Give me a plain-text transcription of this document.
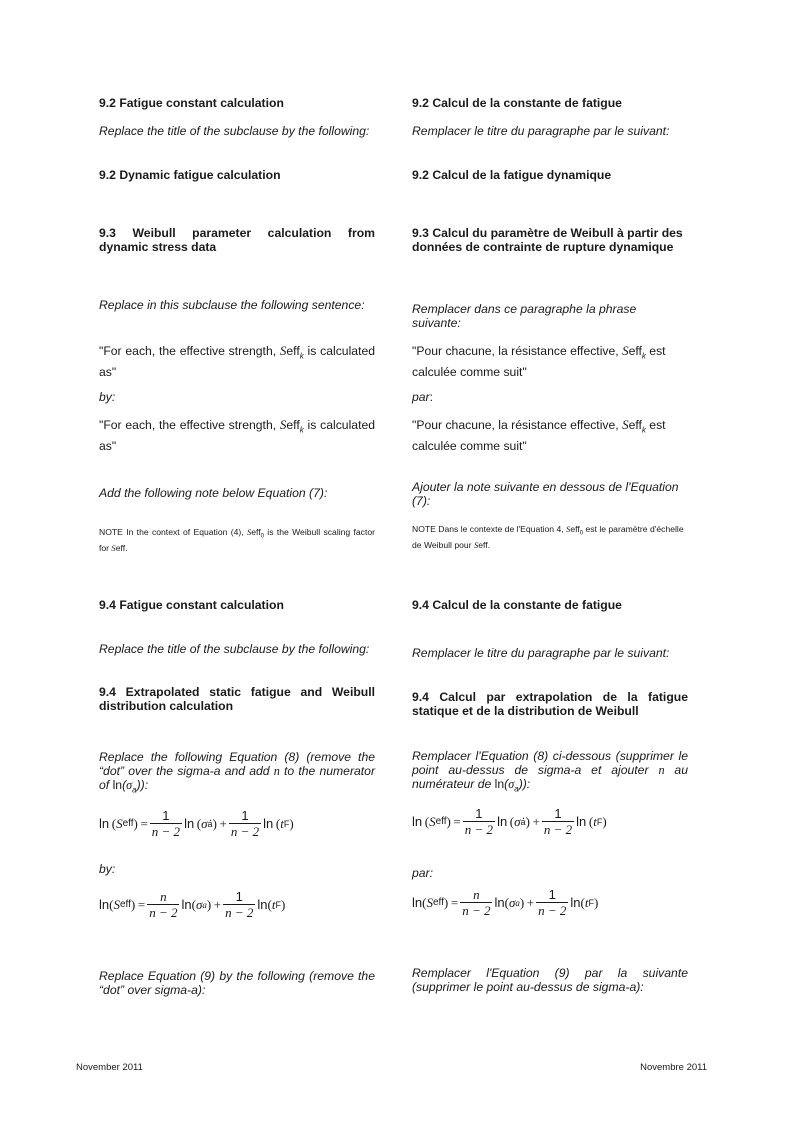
9.2 Fatigue constant calculation
Replace the title of the subclause by the following:
9.2 Dynamic fatigue calculation
9.3 Weibull parameter calculation from dynamic stress data
Replace in this subclause the following sentence:
"For each, the effective strength, Seff$_k$ is calculated as"
by:
"For each, the effective strength, Seff$_k$ is calculated as"
Add the following note below Equation (7):
NOTE In the context of Equation (4), Seff$_0$ is the Weibull scaling factor for Seff.
9.4 Fatigue constant calculation
Replace the title of the subclause by the following:
9.4 Extrapolated static fatigue and Weibull distribution calculation
Replace the following Equation (8) (remove the “dot” over the sigma-a and add n to the numerator of $\ln(\sigma_a)$):
ln  ( S eff )  = $\frac{1}{n - 2}$ ln  ( σ̇ a )  + $\frac{1}{n - 2}$ ln  ( t F )
by:
ln ( S eff )  = $\frac{n}{n - 2}$ ln ( σ a )  + $\frac{1}{n - 2}$ ln ( t F )
Replace Equation (9) by the following (remove the “dot” over sigma-a):
9.2 Calcul de la constante de fatigue
Remplacer le titre du paragraphe par le suivant:
9.2 Calcul de la fatigue dynamique
9.3 Calcul du paramètre de Weibull à partir des données de contrainte de rupture dynamique
Remplacer dans ce paragraphe la phrase suivante:
"Pour chacune, la résistance effective, Seff$_k$ est calculée comme suit"
par:
"Pour chacune, la résistance effective, Seff$_k$ est calculée comme suit"
Ajouter la note suivante en dessous de l'Equation (7):
NOTE Dans le contexte de l'Equation 4, Seff$_0$ est le paramètre d'échelle de Weibull pour Seff.
9.4 Calcul de la constante de fatigue
Remplacer le titre du paragraphe par le suivant:
9.4 Calcul par extrapolation de la fatigue statique et de la distribution de Weibull
Remplacer l'Equation (8) ci-dessous (supprimer le point au-dessus de sigma-a et ajouter n au numérateur de $\ln(\sigma_a)$):
ln  ( S eff )  = $\frac{1}{n - 2}$ ln  ( σ̇ a )  + $\frac{1}{n - 2}$ ln  ( t F )
par:
ln ( S eff )  = $\frac{n}{n - 2}$ ln ( σ a )  + $\frac{1}{n - 2}$ ln ( t F )
Remplacer l'Equation (9) par la suivante (supprimer le point au-dessus de sigma-a):
November 2011	Novembre 2011
